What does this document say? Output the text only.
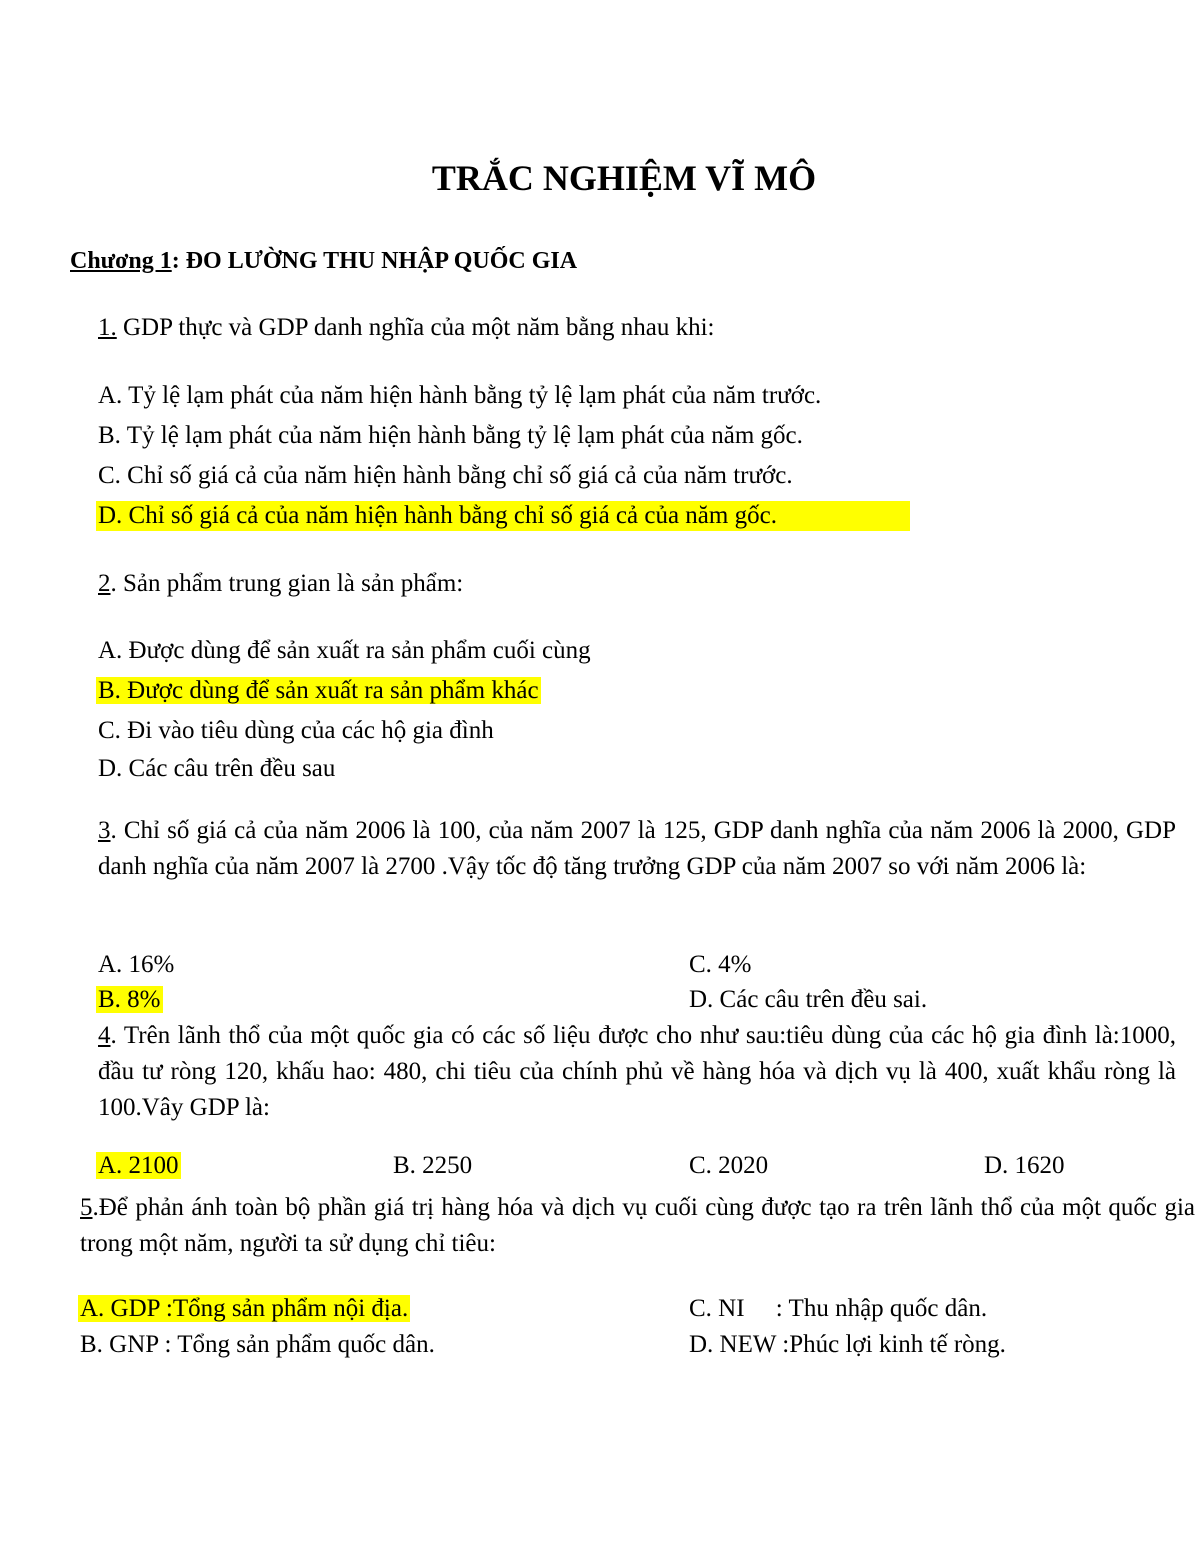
TRẮC NGHIỆM VĨ MÔ
Chương 1: ĐO LƯỜNG THU NHẬP QUỐC GIA
1. GDP thực và GDP danh nghĩa của một năm bằng nhau khi:
A. Tỷ lệ lạm phát của năm hiện hành bằng tỷ lệ lạm phát của năm trước.
B. Tỷ lệ lạm phát của năm hiện hành bằng tỷ lệ lạm phát của năm gốc.
C. Chỉ số giá cả của năm hiện hành bằng chỉ số giá cả của năm trước.
D. Chỉ số giá cả của năm hiện hành bằng chỉ số giá cả của năm gốc.
2. Sản phẩm trung gian là sản phẩm:
A. Được dùng để sản xuất ra sản phẩm cuối cùng
B. Được dùng để sản xuất ra sản phẩm khác
C. Đi vào tiêu dùng của các hộ gia đình
D. Các câu trên đều sau
3. Chỉ số giá cả của năm 2006 là 100, của năm 2007 là 125, GDP danh nghĩa của năm 2006 là 2000, GDP danh nghĩa của năm 2007 là 2700 .Vậy tốc độ tăng trưởng GDP của năm 2007 so với năm 2006 là:
A. 16%
B. 8%
C. 4%
D. Các câu trên đều sai.
4. Trên lãnh thổ của một quốc gia có các số liệu được cho như sau:tiêu dùng của các hộ gia đình là:1000, đầu tư ròng 120, khấu hao: 480, chi tiêu của chính phủ về hàng hóa và dịch vụ là 400, xuất khẩu ròng là 100.Vây GDP là:
A. 2100	B. 2250	C. 2020	D. 1620
5.Để phản ánh toàn bộ phần giá trị hàng hóa và dịch vụ cuối cùng được tạo ra trên lãnh thổ của một quốc gia trong một năm, người ta sử dụng chỉ tiêu:
A. GDP :Tổng sản phẩm nội địa.
B. GNP : Tổng sản phẩm quốc dân.
C. NI     : Thu nhập quốc dân.
D. NEW :Phúc lợi kinh tế ròng.
